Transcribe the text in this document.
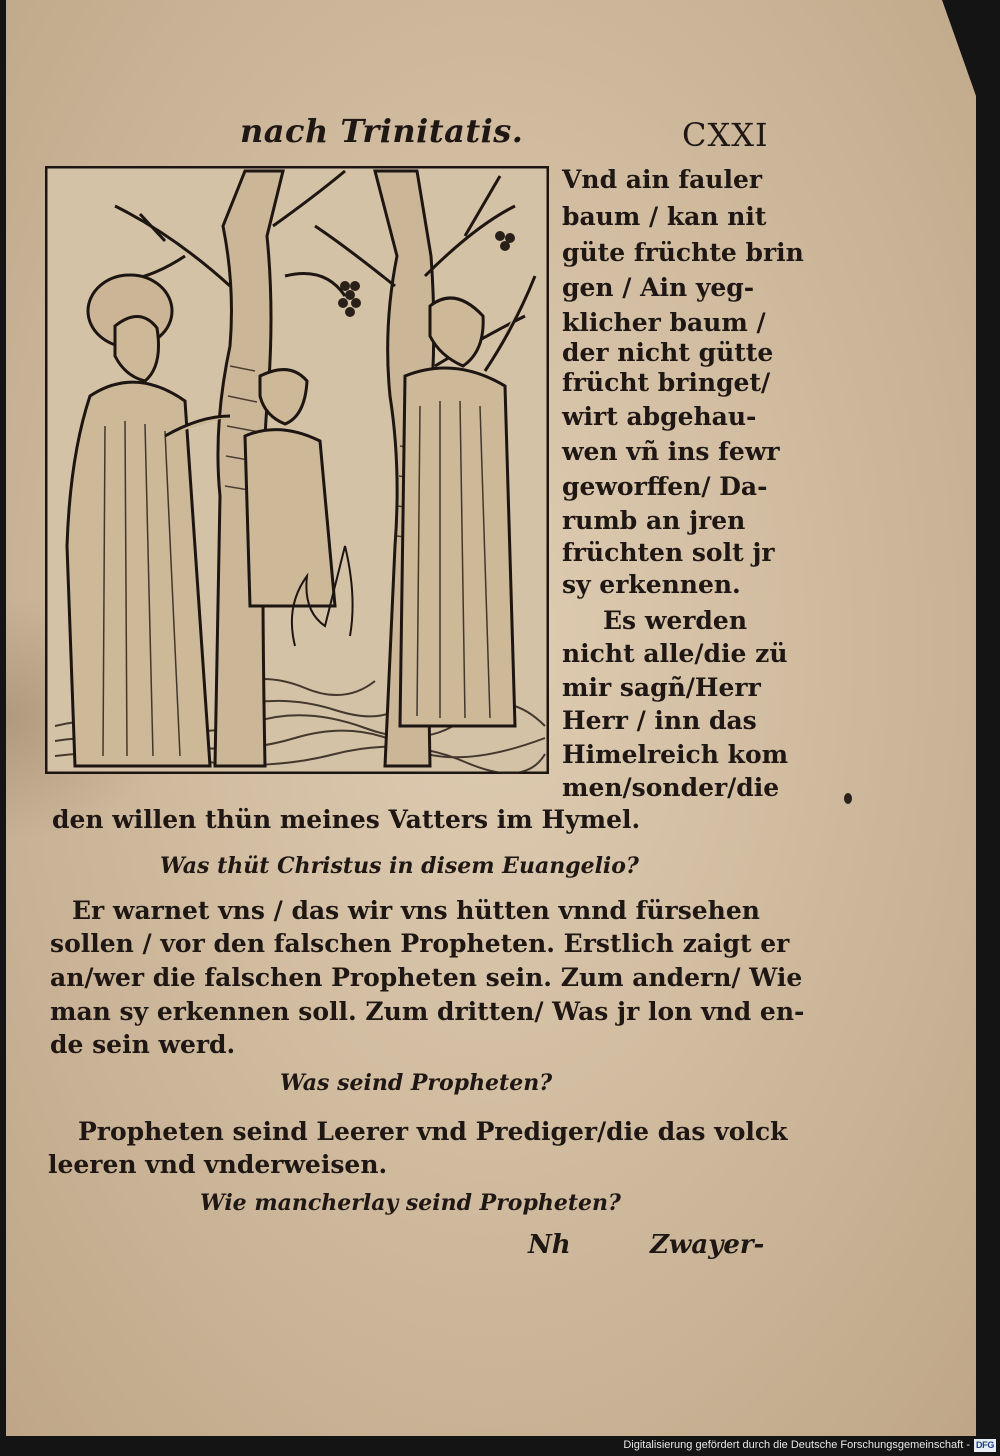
nach Trinitatis.	CXXI
Vnd ain fauler
baum / kan nit
güte früchte brin
gen / Ain yeg-
klicher baum /
der nicht gütte
frücht bringet/
wirt abgehau-
wen vñ ins fewr
geworffen/ Da-
rumb an jren
früchten solt jr
sy erkennen.
Es werden
nicht alle/die zü
mir sagñ/Herr
Herr / inn das
Himelreich kom
men/sonder/die
den willen thün meines Vatters im Hymel.
Was thüt Christus in disem Euangelio?
Er warnet vns / das wir vns hütten vnnd fürsehen
sollen / vor den falschen Propheten. Erstlich zaigt er
an/wer die falschen Propheten sein. Zum andern/ Wie
man sy erkennen soll. Zum dritten/ Was jr lon vnd en-
de sein werd.
Was seind Propheten?
Propheten seind Leerer vnd Prediger/die das volck
leeren vnd vnderweisen.
Wie mancherlay seind Propheten?
Nh	Zwayer-
Digitalisierung gefördert durch die Deutsche Forschungsgemeinschaft - DFG
